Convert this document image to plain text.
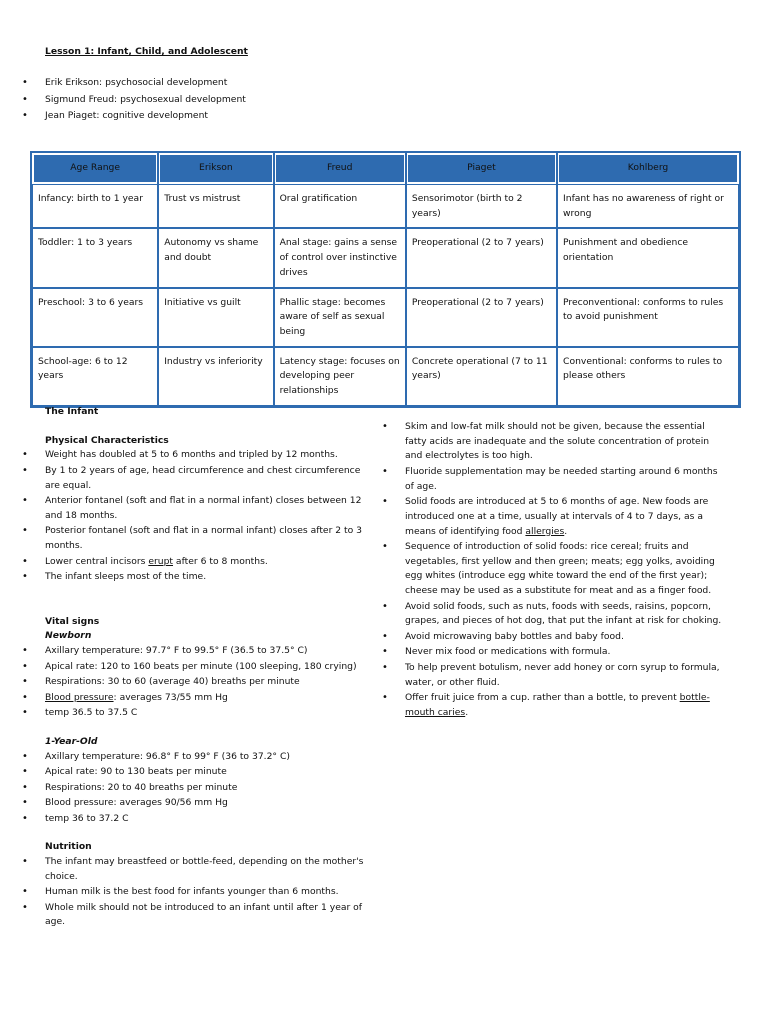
Lesson 1: Infant, Child, and Adolescent
• Erik Erikson: psychosocial development
• Sigmund Freud: psychosexual development
• Jean Piaget: cognitive development
Age Range	Erikson	Freud	Piaget	Kohlberg
Infancy: birth to 1 year	Trust vs mistrust	Oral gratification	Sensorimotor (birth to 2 years)	Infant has no awareness of right or wrong
Toddler: 1 to 3 years	Autonomy vs shame and doubt	Anal stage: gains a sense of control over instinctive drives	Preoperational (2 to 7 years)	Punishment and obedience orientation
Preschool: 3 to 6 years	Initiative vs guilt	Phallic stage: becomes aware of self as sexual being	Preoperational (2 to 7 years)	Preconventional: conforms to rules to avoid punishment
School-age: 6 to 12 years	Industry vs inferiority	Latency stage: focuses on developing peer relationships	Concrete operational (7 to 11 years)	Conventional: conforms to rules to please others
The Infant
Physical Characteristics
• Weight has doubled at 5 to 6 months and tripled by 12 months.
• By 1 to 2 years of age, head circumference and chest circumference are equal.
• Anterior fontanel (soft and flat in a normal infant) closes between 12 and 18 months.
• Posterior fontanel (soft and flat in a normal infant) closes after 2 to 3 months.
• Lower central incisors erupt after 6 to 8 months.
• The infant sleeps most of the time.
Vital signs
Newborn
• Axillary temperature: 97.7° F to 99.5° F (36.5 to 37.5° C)
• Apical rate: 120 to 160 beats per minute (100 sleeping, 180 crying)
• Respirations: 30 to 60 (average 40) breaths per minute
• Blood pressure: averages 73/55 mm Hg
• temp 36.5 to 37.5 C
1-Year-Old
• Axillary temperature: 96.8° F to 99° F (36 to 37.2° C)
• Apical rate: 90 to 130 beats per minute
• Respirations: 20 to 40 breaths per minute
• Blood pressure: averages 90/56 mm Hg
• temp 36 to 37.2 C
Nutrition
• The infant may breastfeed or bottle-feed, depending on the mother's choice.
• Human milk is the best food for infants younger than 6 months.
• Whole milk should not be introduced to an infant until after 1 year of age.
• Skim and low-fat milk should not be given, because the essential fatty acids are inadequate and the solute concentration of protein and electrolytes is too high.
• Fluoride supplementation may be needed starting around 6 months of age.
• Solid foods are introduced at 5 to 6 months of age. New foods are introduced one at a time, usually at intervals of 4 to 7 days, as a means of identifying food allergies.
• Sequence of introduction of solid foods: rice cereal; fruits and vegetables, first yellow and then green; meats; egg yolks, avoiding egg whites (introduce egg white toward the end of the first year); cheese may be used as a substitute for meat and as a finger food.
• Avoid solid foods, such as nuts, foods with seeds, raisins, popcorn, grapes, and pieces of hot dog, that put the infant at risk for choking.
• Avoid microwaving baby bottles and baby food.
• Never mix food or medications with formula.
• To help prevent botulism, never add honey or corn syrup to formula, water, or other fluid.
• Offer fruit juice from a cup. rather than a bottle, to prevent bottle-mouth caries.
